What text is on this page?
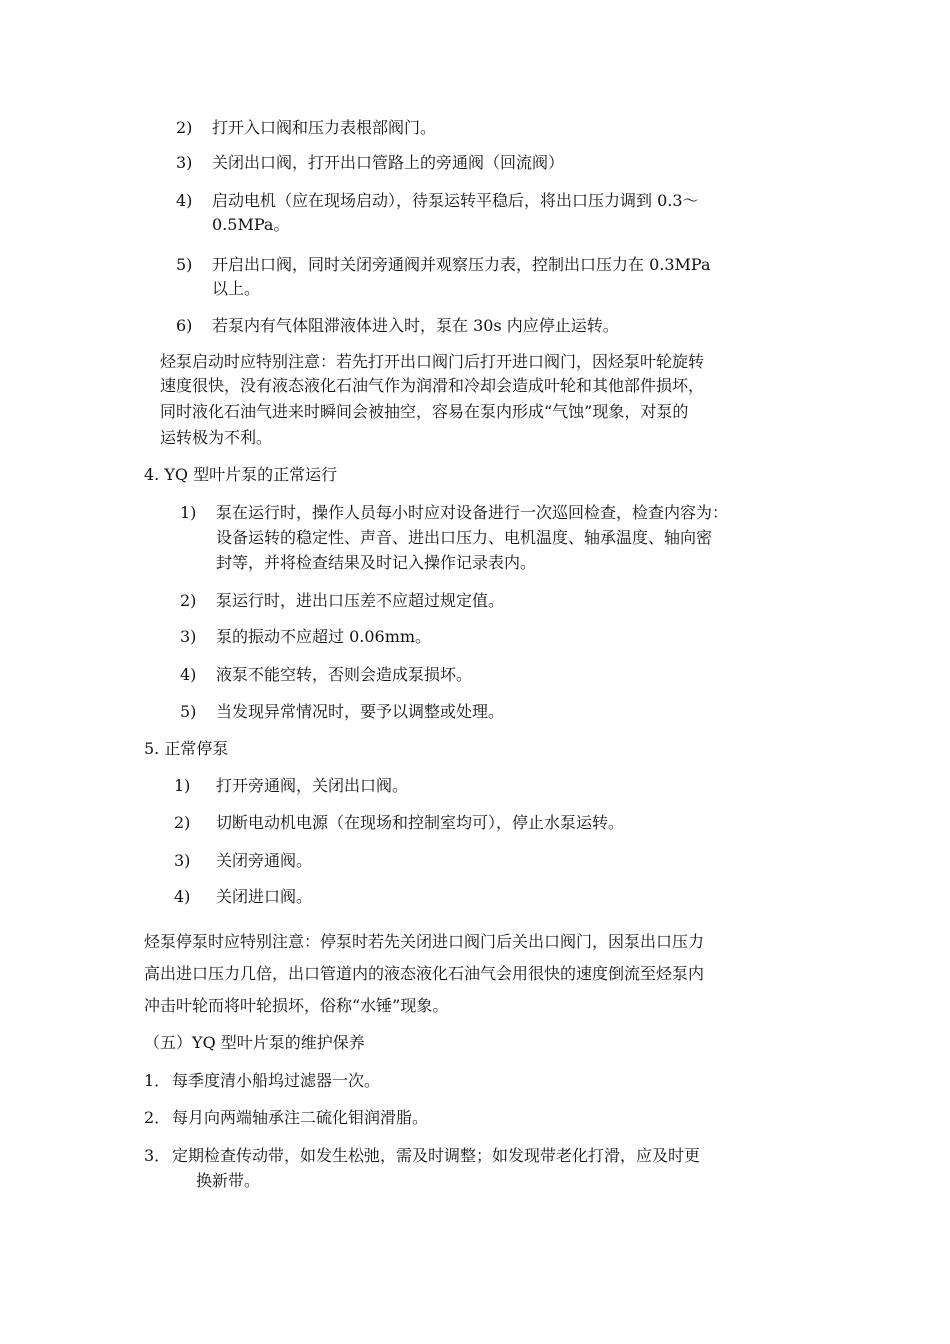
2) 打开入口阀和压力表根部阀门。
3) 关闭出口阀，打开出口管路上的旁通阀（回流阀）
4) 启动电机（应在现场启动），待泵运转平稳后，将出口压力调到 0.3～
0.5MPa。
5) 开启出口阀，同时关闭旁通阀并观察压力表，控制出口压力在 0.3MPa
以上。
6) 若泵内有气体阻滞液体进入时，泵在 30s 内应停止运转。
烃泵启动时应特别注意：若先打开出口阀门后打开进口阀门，因烃泵叶轮旋转
速度很快，没有液态液化石油气作为润滑和冷却会造成叶轮和其他部件损坏，
同时液化石油气进来时瞬间会被抽空，容易在泵内形成“气蚀”现象，对泵的
运转极为不利。
4. YQ 型叶片泵的正常运行
1) 泵在运行时，操作人员每小时应对设备进行一次巡回检查，检查内容为：
设备运转的稳定性、声音、进出口压力、电机温度、轴承温度、轴向密
封等，并将检查结果及时记入操作记录表内。
2) 泵运行时，进出口压差不应超过规定值。
3) 泵的振动不应超过 0.06mm。
4) 液泵不能空转，否则会造成泵损坏。
5) 当发现异常情况时，要予以调整或处理。
5. 正常停泵
1) 打开旁通阀，关闭出口阀。
2) 切断电动机电源（在现场和控制室均可），停止水泵运转。
3) 关闭旁通阀。
4) 关闭进口阀。
烃泵停泵时应特别注意：停泵时若先关闭进口阀门后关出口阀门，因泵出口压力
高出进口压力几倍，出口管道内的液态液化石油气会用很快的速度倒流至烃泵内
冲击叶轮而将叶轮损坏，俗称“水锤”现象。
（五）YQ 型叶片泵的维护保养
1． 每季度清小船坞过滤器一次。
2． 每月向两端轴承注二硫化钼润滑脂。
3． 定期检查传动带，如发生松弛，需及时调整；如发现带老化打滑，应及时更
换新带。
